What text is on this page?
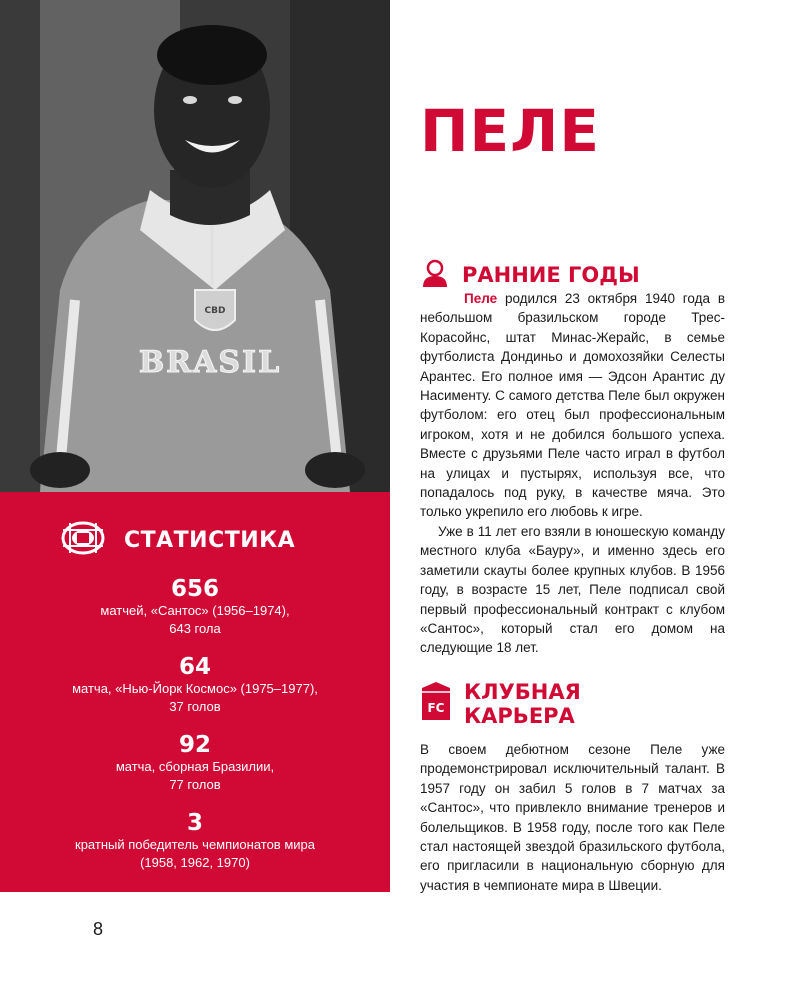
CBD
BRASIL
СТАТИСТИКА
656
матчей, «Сантос» (1956–1974),
643 гола
64
матча, «Нью-Йорк Космос» (1975–1977),
37 голов
92
матча, сборная Бразилии,
77 голов
3
кратный победитель чемпионатов мира
(1958, 1962, 1970)
8
ПЕЛЕ
РАННИЕ ГОДЫ

Пеле родился 23 октября 1940 года в небольшом бразильском городе Трес-Корасойнс, штат Минас-Жерайс, в семье футболиста Дондиньо и домохозяйки Селесты Арантес. Его полное имя — Эдсон Арантис ду Насименту. С самого детства Пеле был окружен футболом: его отец был профессиональным игроком, хотя и не добился большого успеха. Вместе с друзьями Пеле часто играл в футбол на улицах и пустырях, используя все, что попадалось под руку, в качестве мяча. Это только укрепило его любовь к игре.

Уже в 11 лет его взяли в юношескую команду местного клуба «Бауру», и именно здесь его заметили скауты более крупных клубов. В 1956 году, в возрасте 15 лет, Пеле подписал свой первый профессиональный контракт с клубом «Сантос», который стал его домом на следующие 18 лет.

FC
КЛУБНАЯ
КАРЬЕРА

В своем дебютном сезоне Пеле уже продемонстрировал исключительный талант. В 1957 году он забил 5 голов в 7 матчах за «Сантос», что привлекло внимание тренеров и болельщиков. В 1958 году, после того как Пеле стал настоящей звездой бразильского футбола, его пригласили в национальную сборную для участия в чемпионате мира в Швеции.
